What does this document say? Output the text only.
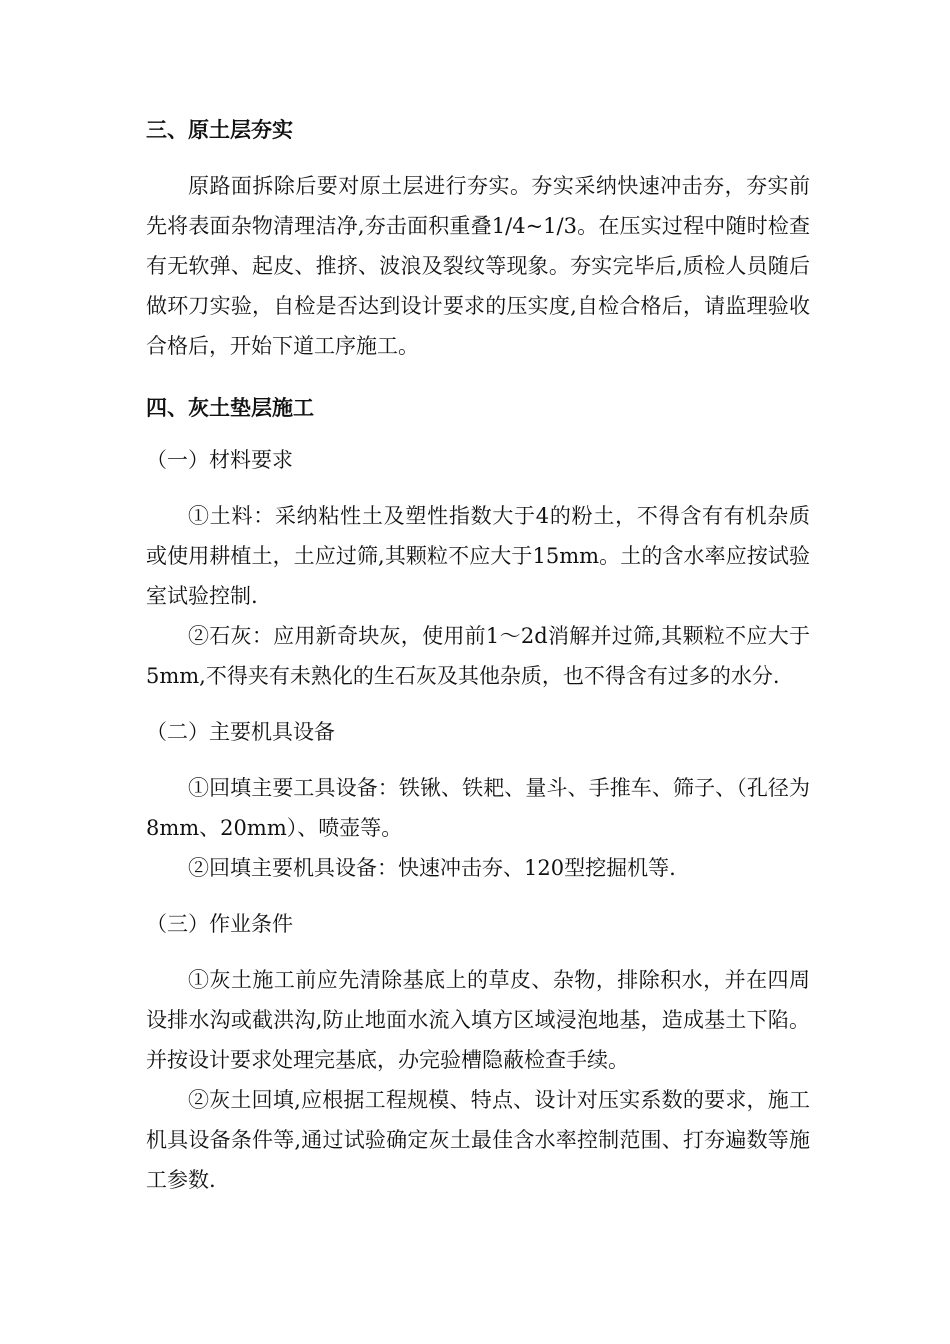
三、原土层夯实

原路面拆除后要对原土层进行夯实。夯实采纳快速冲击夯，夯实前先将表面杂物清理洁净,夯击面积重叠1/4~1/3。在压实过程中随时检查有无软弹、起皮、推挤、波浪及裂纹等现象。夯实完毕后,质检人员随后做环刀实验，自检是否达到设计要求的压实度,自检合格后，请监理验收合格后，开始下道工序施工。

四、灰土垫层施工

（一）材料要求

①土料：采纳粘性土及塑性指数大于4的粉土，不得含有有机杂质或使用耕植土，土应过筛,其颗粒不应大于15mm。土的含水率应按试验室试验控制.

②石灰：应用新奇块灰，使用前1～2d消解并过筛,其颗粒不应大于5mm,不得夹有未熟化的生石灰及其他杂质，也不得含有过多的水分.

（二）主要机具设备

①回填主要工具设备：铁锹、铁耙、量斗、手推车、筛子、（孔径为8mm、20mm）、喷壶等。

②回填主要机具设备：快速冲击夯、120型挖掘机等.

（三）作业条件

①灰土施工前应先清除基底上的草皮、杂物，排除积水，并在四周设排水沟或截洪沟,防止地面水流入填方区域浸泡地基，造成基土下陷。并按设计要求处理完基底，办完验槽隐蔽检查手续。

②灰土回填,应根据工程规模、特点、设计对压实系数的要求，施工机具设备条件等,通过试验确定灰土最佳含水率控制范围、打夯遍数等施工参数.
